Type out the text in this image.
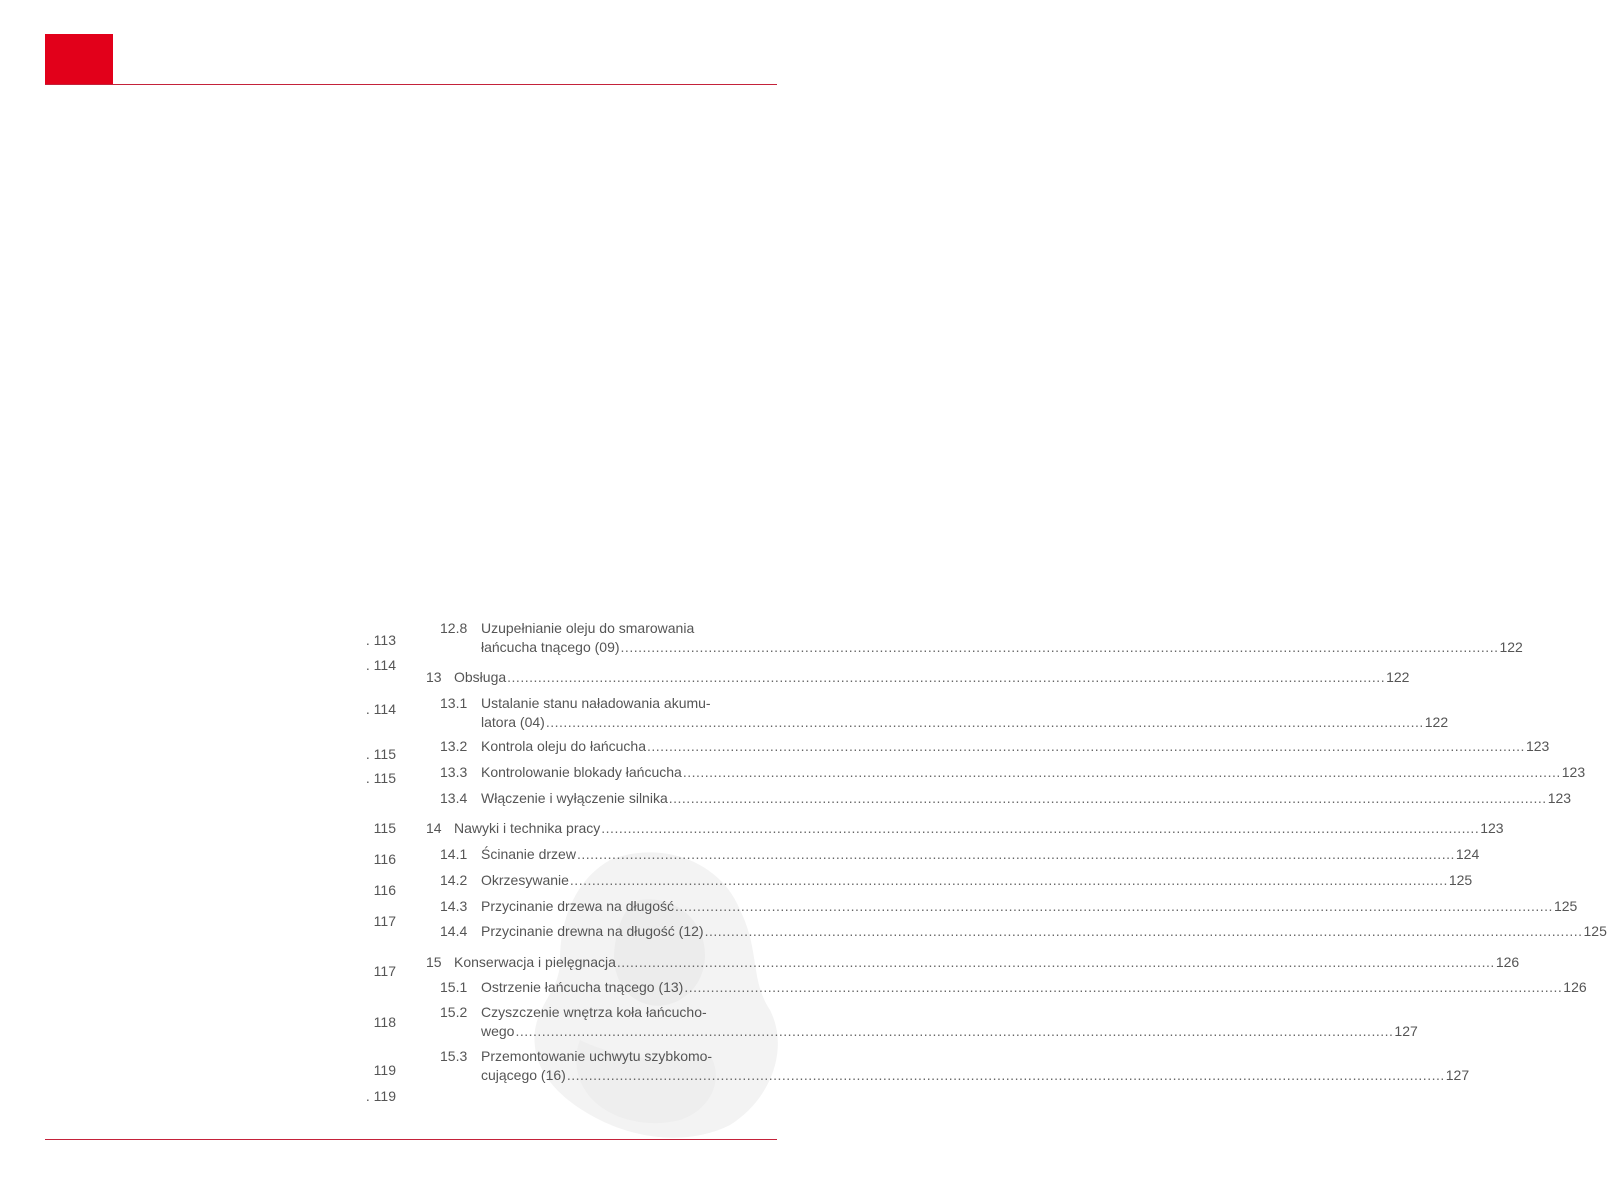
. 113
. 114
. 114
. 115
. 115
115
116
116
117
117
118
119
. 119
12.8 Uzupełnianie oleju do smarowania
łańcucha tnącego (09) ........................................................................................................................................................................................................ 122
13 Obsługa ........................................................................................................................................................................................................ 122
13.1 Ustalanie stanu naładowania akumu-
latora (04) ........................................................................................................................................................................................................ 122
13.2 Kontrola oleju do łańcucha ........................................................................................................................................................................................................ 123
13.3 Kontrolowanie blokady łańcucha ........................................................................................................................................................................................................ 123
13.4 Włączenie i wyłączenie silnika ........................................................................................................................................................................................................ 123
14 Nawyki i technika pracy ........................................................................................................................................................................................................ 123
14.1 Ścinanie drzew ........................................................................................................................................................................................................ 124
14.2 Okrzesywanie ........................................................................................................................................................................................................ 125
14.3 Przycinanie drzewa na długość ........................................................................................................................................................................................................ 125
14.4 Przycinanie drewna na długość (12) ........................................................................................................................................................................................................ 125
15 Konserwacja i pielęgnacja ........................................................................................................................................................................................................ 126
15.1 Ostrzenie łańcucha tnącego (13) ........................................................................................................................................................................................................ 126
15.2 Czyszczenie wnętrza koła łańcucho-
wego ........................................................................................................................................................................................................ 127
15.3 Przemontowanie uchwytu szybkomo-
cującego (16) ........................................................................................................................................................................................................ 127
